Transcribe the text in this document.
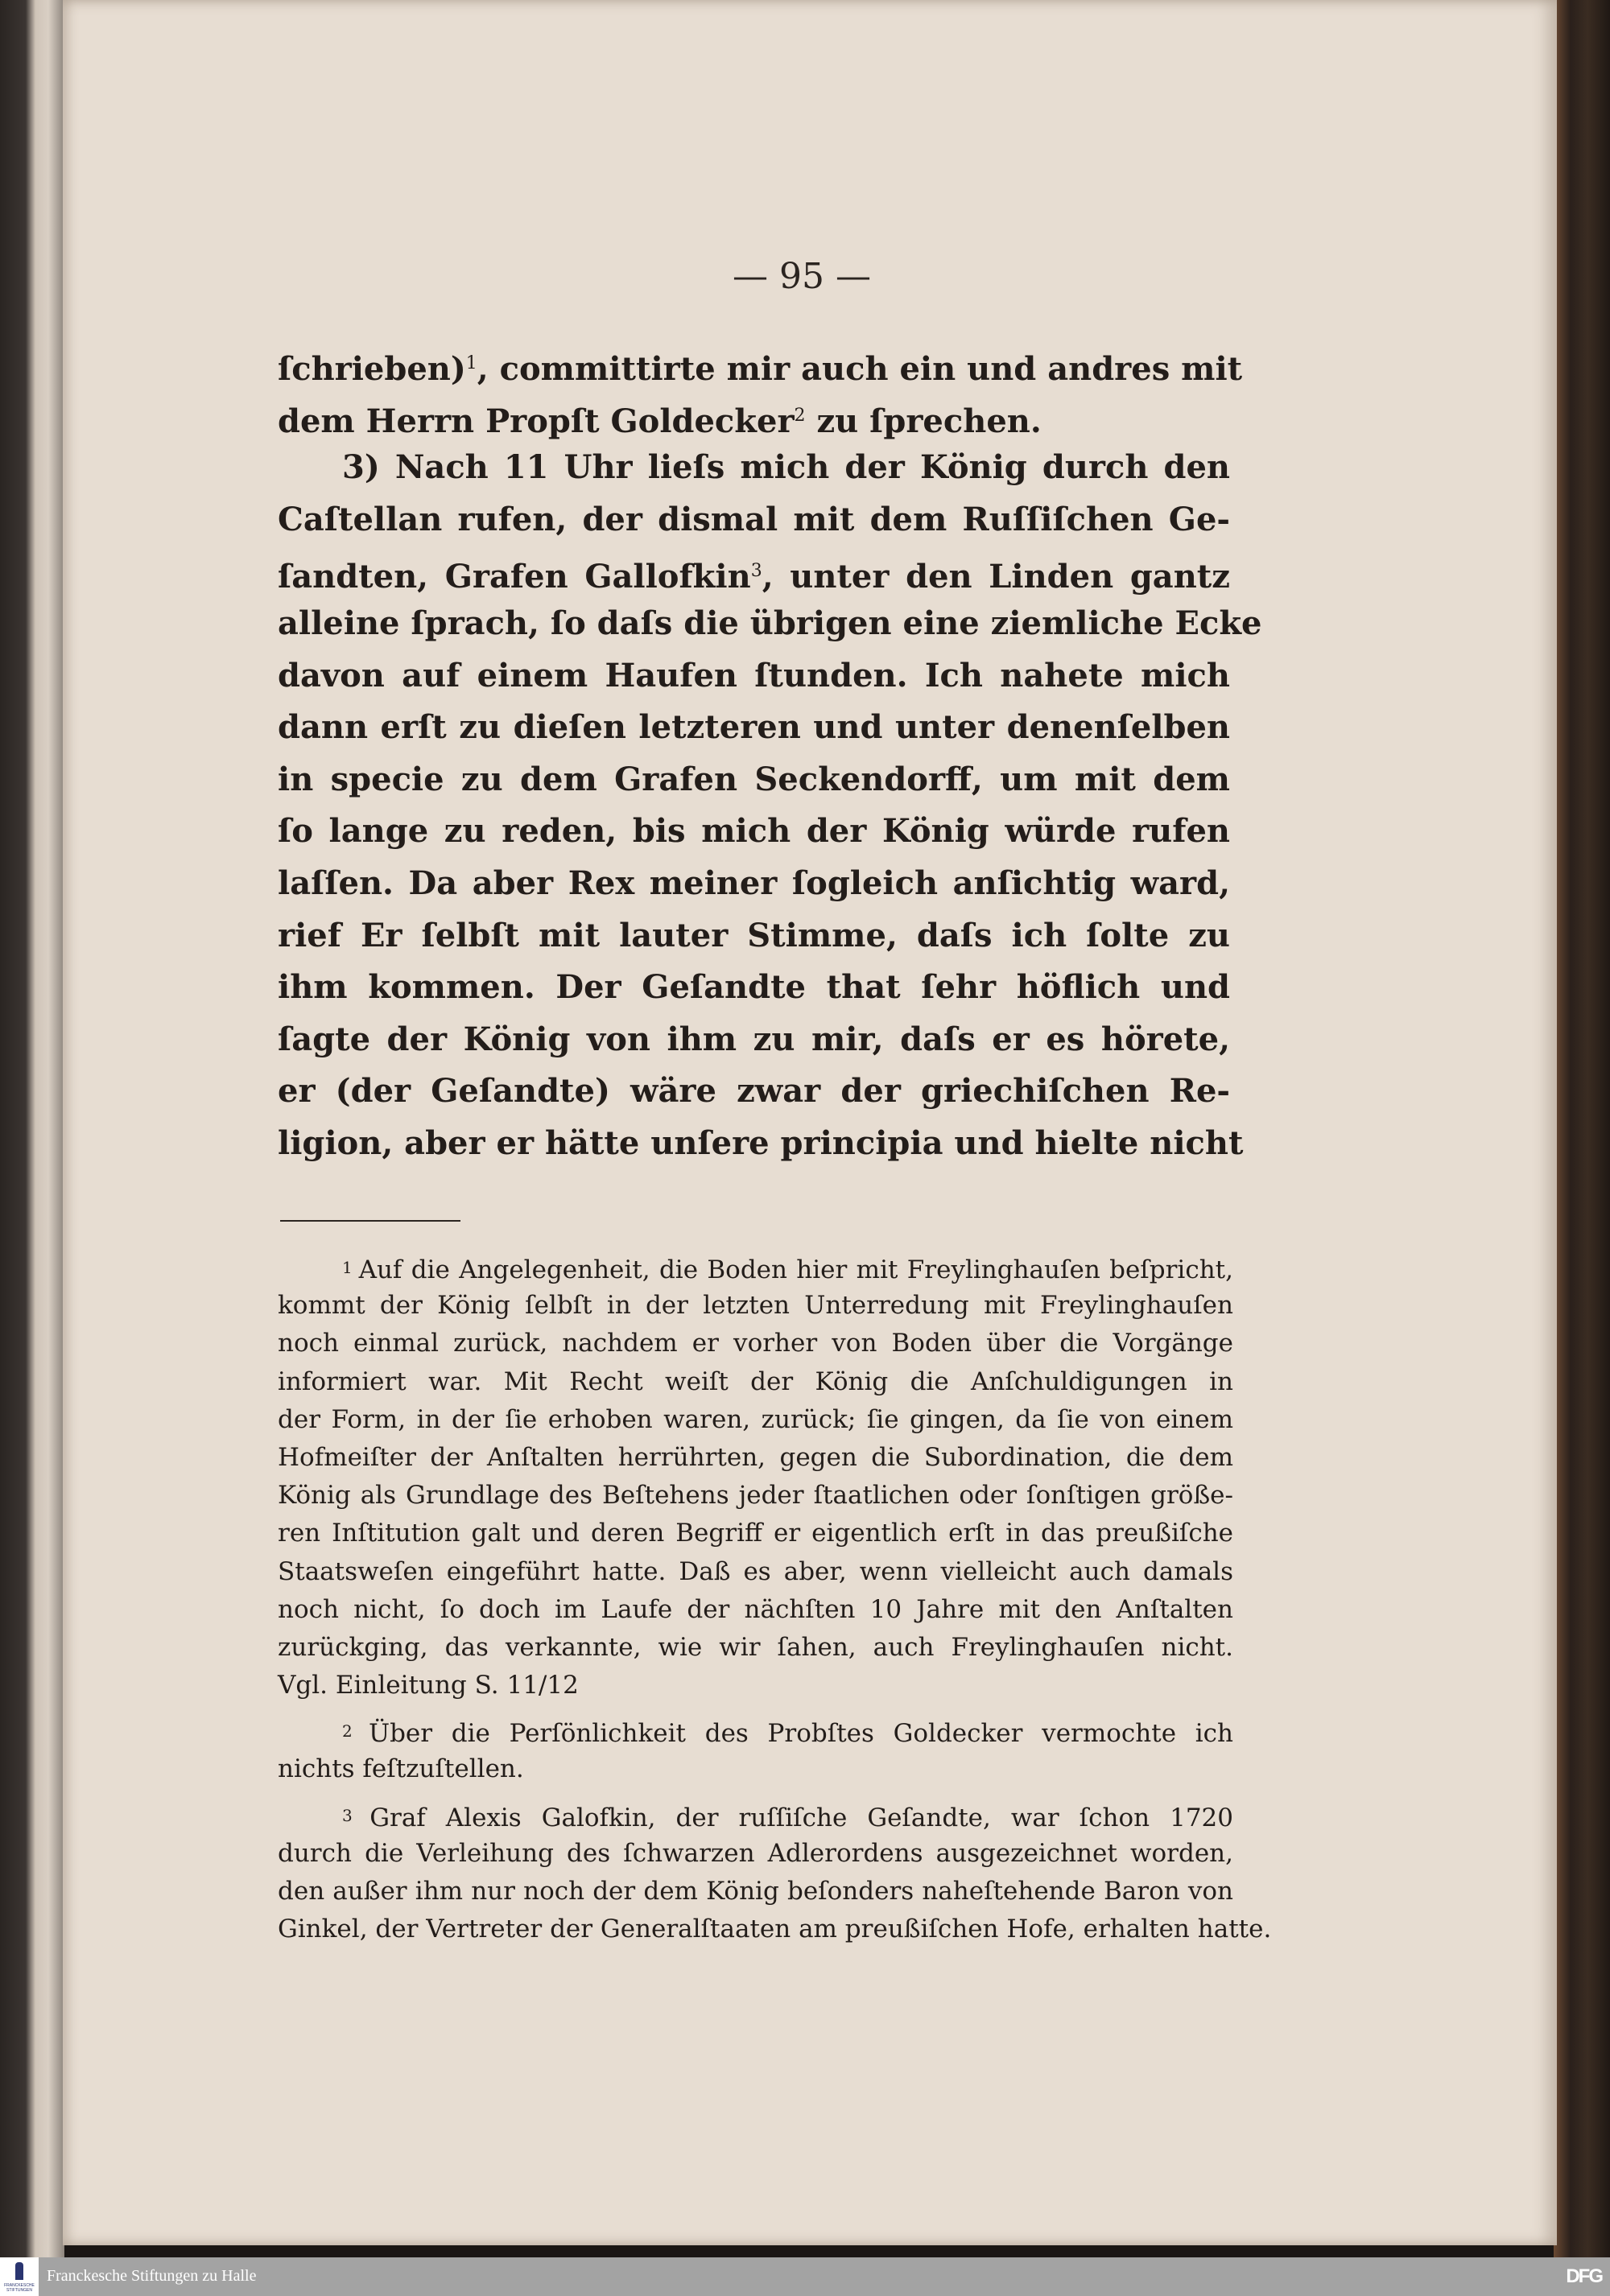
— 95 —
ſchrieben)$^1$, committirte mir auch ein und andres mit
dem Herrn Propſt Goldecker$^2$ zu ſprechen.
3) Nach 11 Uhr lieſs mich der König durch den
Caſtellan rufen, der dismal mit dem Ruſſiſchen Ge-
ſandten, Grafen Gallofkin$^3$, unter den Linden gantz
alleine ſprach, ſo daſs die übrigen eine ziemliche Ecke
davon auf einem Haufen ſtunden. Ich nahete mich
dann erſt zu dieſen letzteren und unter denenſelben
in specie zu dem Grafen Seckendorff, um mit dem
ſo lange zu reden, bis mich der König würde rufen
laſſen. Da aber Rex meiner ſogleich anſichtig ward,
rief Er ſelbſt mit lauter Stimme, daſs ich ſolte zu
ihm kommen. Der Geſandte that ſehr höflich und
ſagte der König von ihm zu mir, daſs er es hörete,
er (der Geſandte) wäre zwar der griechiſchen Re-
ligion, aber er hätte unſere principia und hielte nicht
1 Auf die Angelegenheit, die Boden hier mit Freylinghauſen beſpricht,
kommt der König ſelbſt in der letzten Unterredung mit Freylinghauſen
noch einmal zurück, nachdem er vorher von Boden über die Vorgänge
informiert war. Mit Recht weiſt der König die Anſchuldigungen in
der Form, in der ſie erhoben waren, zurück; ſie gingen, da ſie von einem
Hofmeiſter der Anſtalten herrührten, gegen die Subordination, die dem
König als Grundlage des Beſtehens jeder ſtaatlichen oder ſonſtigen größe-
ren Inſtitution galt und deren Begriff er eigentlich erſt in das preußiſche
Staatsweſen eingeführt hatte. Daß es aber, wenn vielleicht auch damals
noch nicht, ſo doch im Laufe der nächſten 10 Jahre mit den Anſtalten
zurückging, das verkannte, wie wir ſahen, auch Freylinghauſen nicht.
Vgl. Einleitung S. 11/12
2 Über die Perſönlichkeit des Probſtes Goldecker vermochte ich
nichts feſtzuſtellen.
3 Graf Alexis Galofkin, der ruſſiſche Geſandte, war ſchon 1720
durch die Verleihung des ſchwarzen Adlerordens ausgezeichnet worden,
den außer ihm nur noch der dem König beſonders naheſtehende Baron von
Ginkel, der Vertreter der Generalſtaaten am preußiſchen Hofe, erhalten hatte.
FRANCKESCHE STIFTUNGEN
Franckesche Stiftungen zu Halle	DFG
